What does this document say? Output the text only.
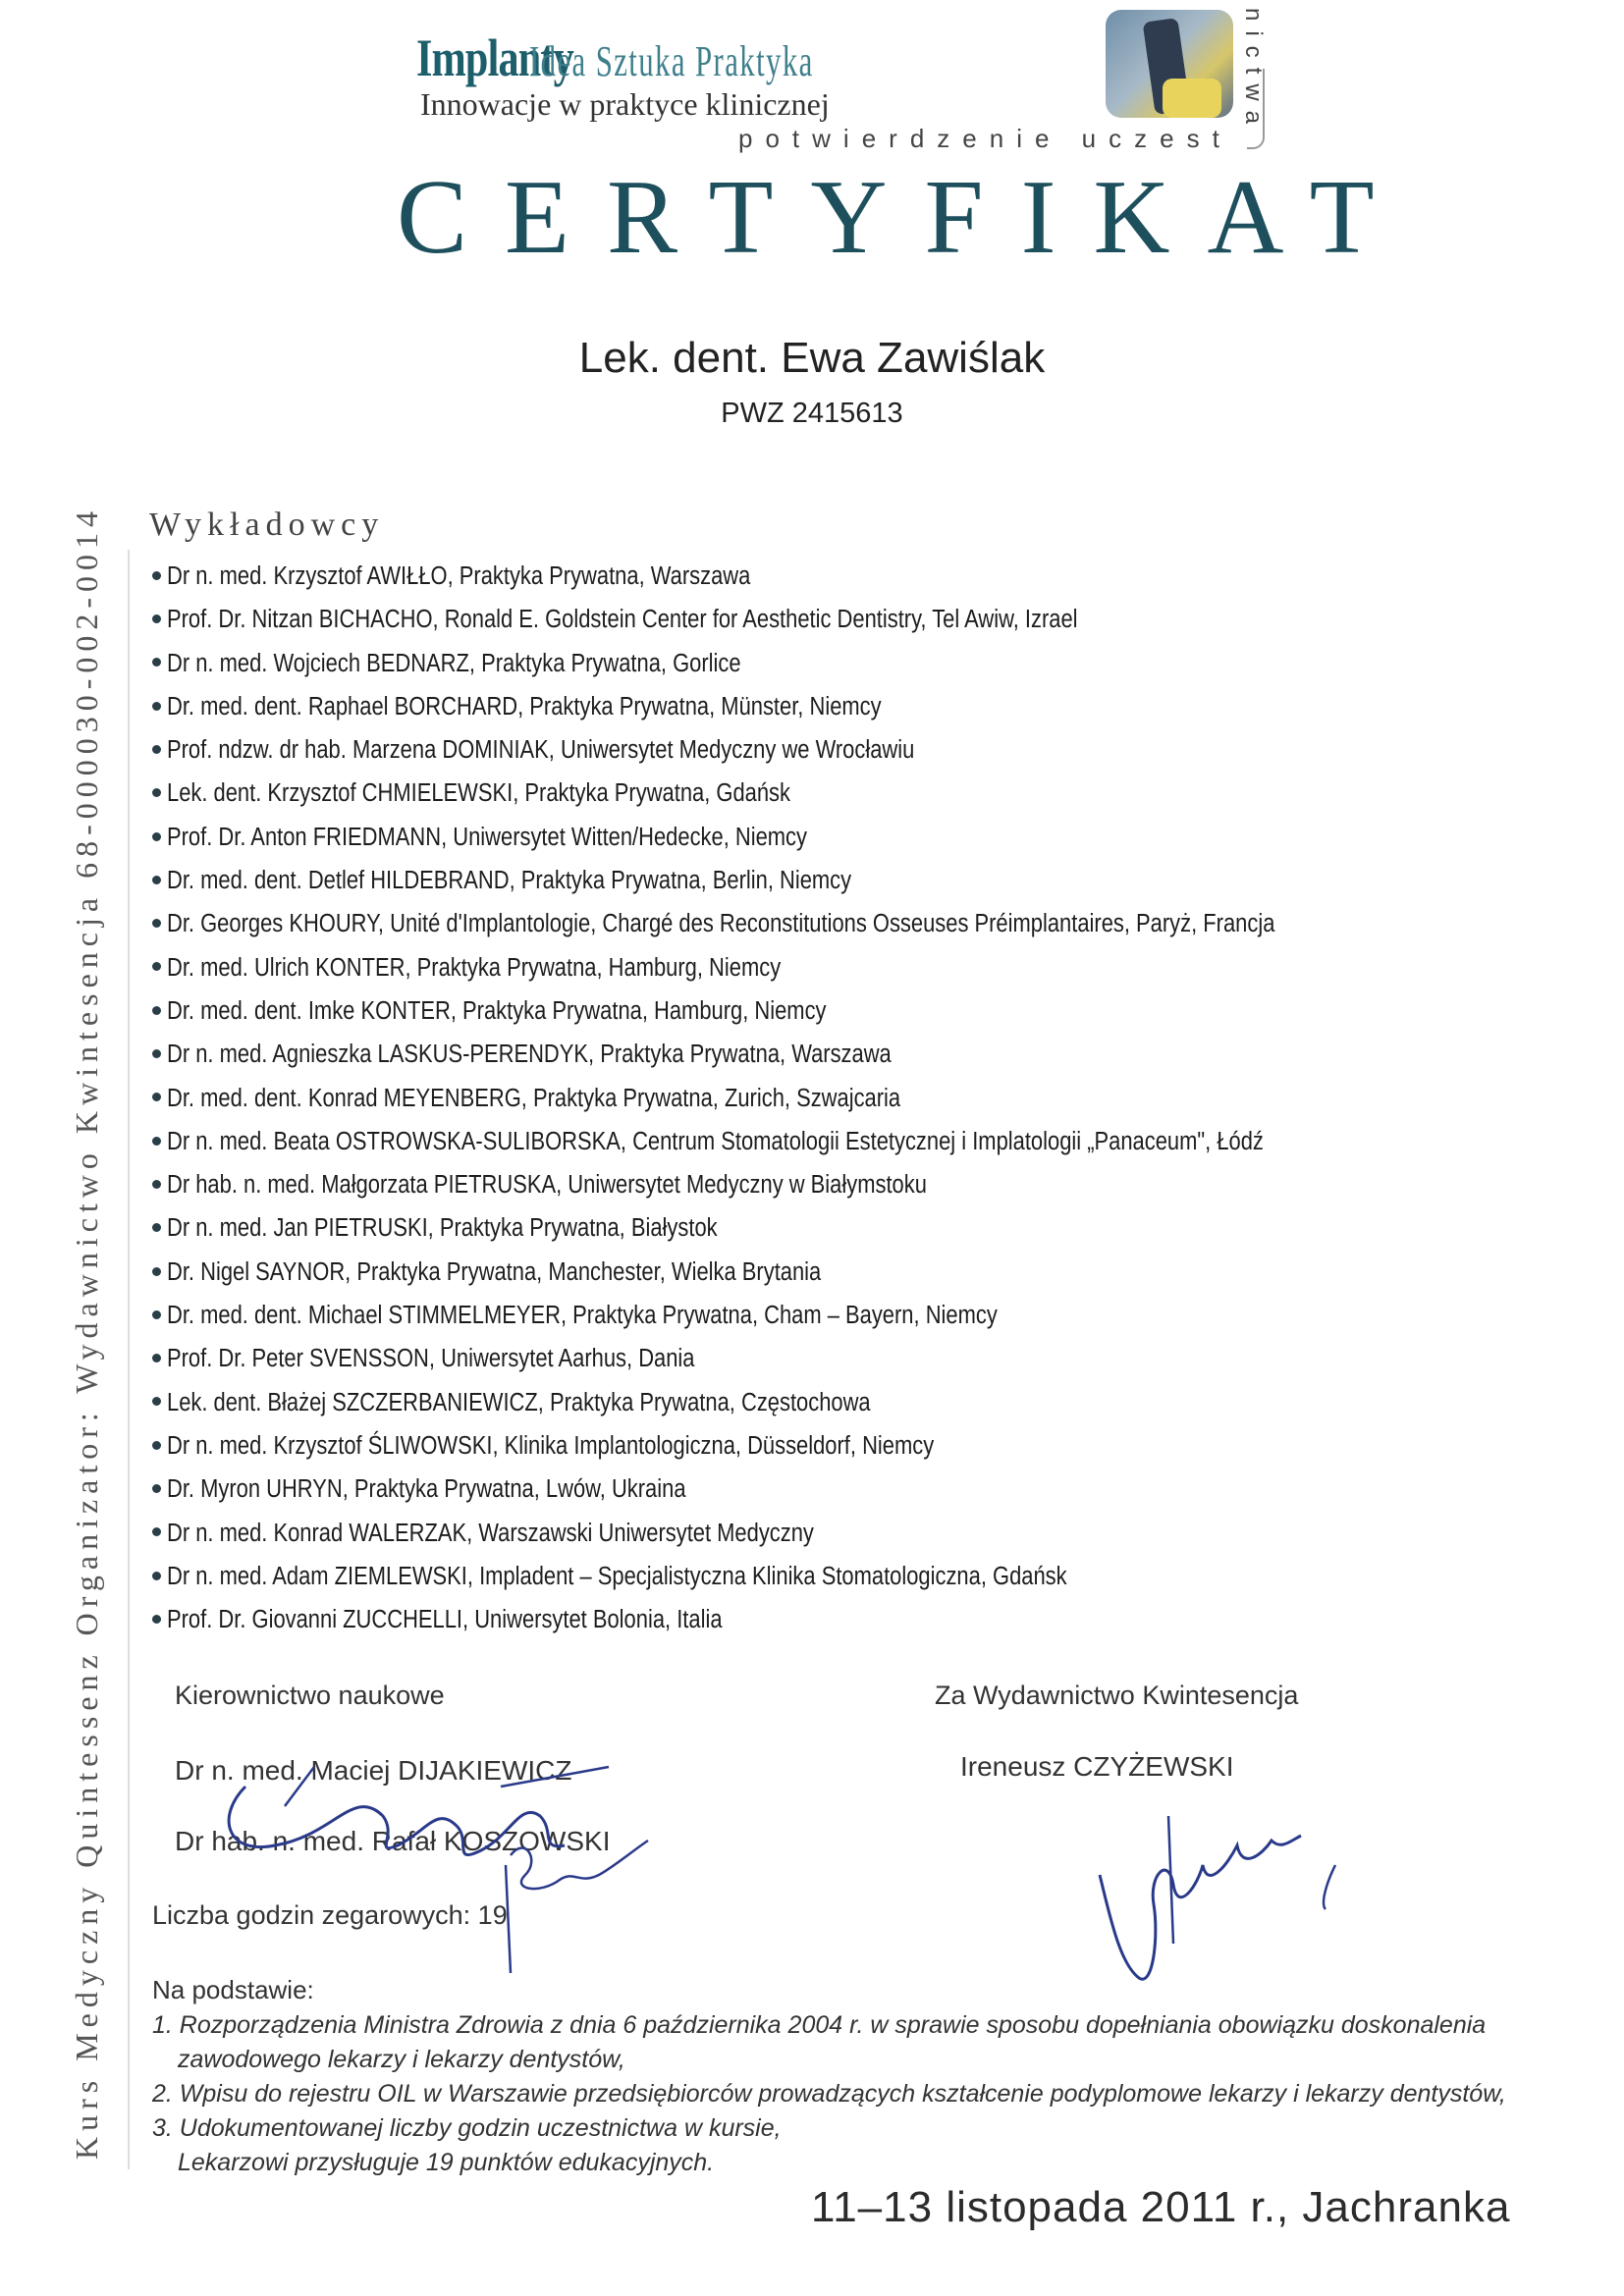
ImplantyIdea Sztuka Praktyka
Innowacje w praktyce klinicznej
potwierdzenie uczest
nictwa
CERTYFIKAT
Lek. dent. Ewa Zawiślak
PWZ 2415613
Kurs Medyczny Quintessenz Organizator: Wydawnictwo Kwintesencja 68-000030-002-0014 Wykładowcy
Dr n. med. Krzysztof AWIŁŁO, Praktyka Prywatna, Warszawa
Prof. Dr. Nitzan BICHACHO, Ronald E. Goldstein Center for Aesthetic Dentistry, Tel Awiw, Izrael
Dr n. med. Wojciech BEDNARZ, Praktyka Prywatna, Gorlice
Dr. med. dent. Raphael BORCHARD, Praktyka Prywatna, Münster, Niemcy
Prof. ndzw. dr hab. Marzena DOMINIAK, Uniwersytet Medyczny we Wrocławiu
Lek. dent. Krzysztof CHMIELEWSKI, Praktyka Prywatna, Gdańsk
Prof. Dr. Anton FRIEDMANN, Uniwersytet Witten/Hedecke, Niemcy
Dr. med. dent. Detlef HILDEBRAND, Praktyka Prywatna, Berlin, Niemcy
Dr. Georges KHOURY, Unité d'Implantologie, Chargé des Reconstitutions Osseuses Préimplantaires, Paryż, Francja
Dr. med. Ulrich KONTER, Praktyka Prywatna, Hamburg, Niemcy
Dr. med. dent. Imke KONTER, Praktyka Prywatna, Hamburg, Niemcy
Dr n. med. Agnieszka LASKUS-PERENDYK, Praktyka Prywatna, Warszawa
Dr. med. dent. Konrad MEYENBERG, Praktyka Prywatna, Zurich, Szwajcaria
Dr n. med. Beata OSTROWSKA-SULIBORSKA, Centrum Stomatologii Estetycznej i Implatologii „Panaceum", Łódź
Dr hab. n. med. Małgorzata PIETRUSKA, Uniwersytet Medyczny w Białymstoku
Dr n. med. Jan PIETRUSKI, Praktyka Prywatna, Białystok
Dr. Nigel SAYNOR, Praktyka Prywatna, Manchester, Wielka Brytania
Dr. med. dent. Michael STIMMELMEYER, Praktyka Prywatna, Cham – Bayern, Niemcy
Prof. Dr. Peter SVENSSON, Uniwersytet Aarhus, Dania
Lek. dent. Błażej SZCZERBANIEWICZ, Praktyka Prywatna, Częstochowa
Dr n. med. Krzysztof ŚLIWOWSKI, Klinika Implantologiczna, Düsseldorf, Niemcy
Dr. Myron UHRYN, Praktyka Prywatna, Lwów, Ukraina
Dr n. med. Konrad WALERZAK, Warszawski Uniwersytet Medyczny
Dr n. med. Adam ZIEMLEWSKI, Impladent – Specjalistyczna Klinika Stomatologiczna, Gdańsk
Prof. Dr. Giovanni ZUCCHELLI, Uniwersytet Bolonia, Italia
Kierownictwo naukowe	Za Wydawnictwo Kwintesencja
Dr n. med. Maciej DIJAKIEWICZ
Dr hab. n. med. Rafał KOSZOWSKI
Ireneusz CZYŻEWSKI
Liczba godzin zegarowych: 19
Na podstawie:
1. Rozporządzenia Ministra Zdrowia z dnia 6 października 2004 r. w sprawie sposobu dopełniania obowiązku doskonalenia
zawodowego lekarzy i lekarzy dentystów,
2. Wpisu do rejestru OIL w Warszawie przedsiębiorców prowadzących kształcenie podyplomowe lekarzy i lekarzy dentystów,
3. Udokumentowanej liczby godzin uczestnictwa w kursie,
Lekarzowi przysługuje 19 punktów edukacyjnych.
11–13 listopada 2011 r., Jachranka
